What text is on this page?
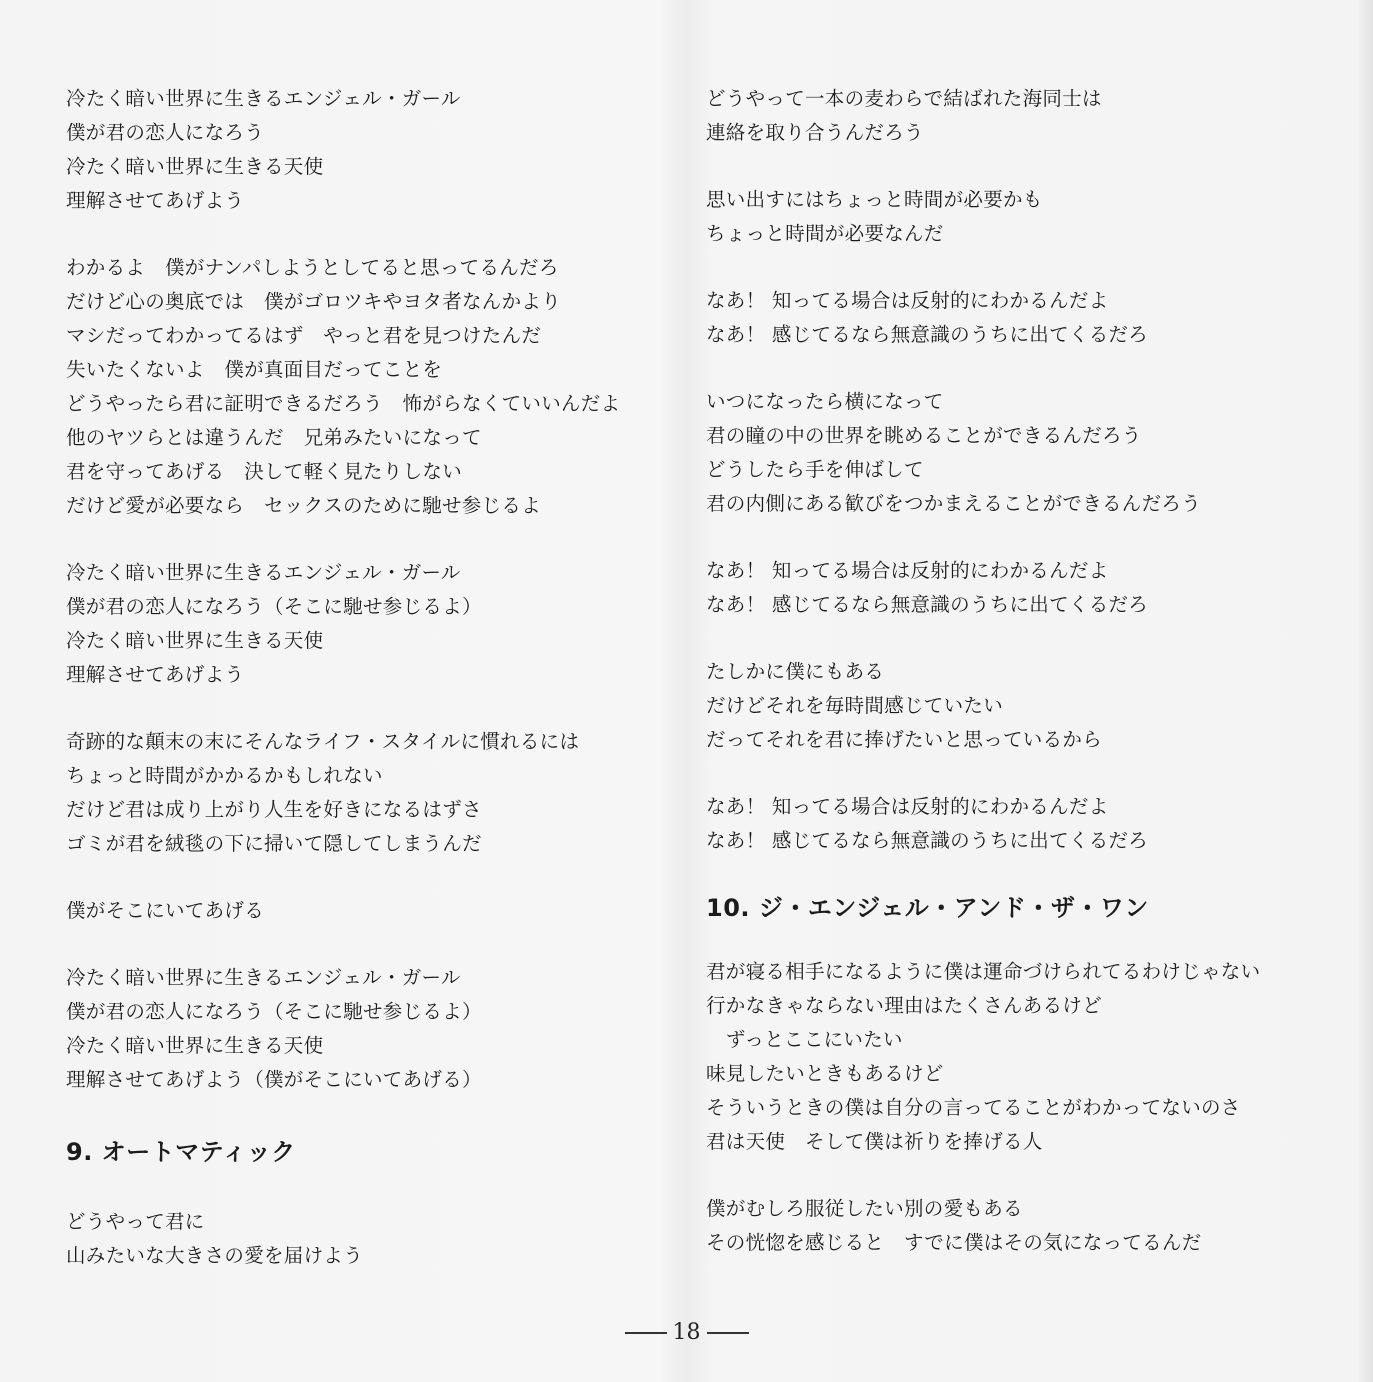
冷たく暗い世界に生きるエンジェル・ガール
僕が君の恋人になろう
冷たく暗い世界に生きる天使
理解させてあげよう
わかるよ　僕がナンパしようとしてると思ってるんだろ
だけど心の奥底では　僕がゴロツキやヨタ者なんかより
マシだってわかってるはず　やっと君を見つけたんだ
失いたくないよ　僕が真面目だってことを
どうやったら君に証明できるだろう　怖がらなくていいんだよ
他のヤツらとは違うんだ　兄弟みたいになって
君を守ってあげる　決して軽く見たりしない
だけど愛が必要なら　セックスのために馳せ参じるよ
冷たく暗い世界に生きるエンジェル・ガール
僕が君の恋人になろう（そこに馳せ参じるよ）
冷たく暗い世界に生きる天使
理解させてあげよう
奇跡的な顛末の末にそんなライフ・スタイルに慣れるには
ちょっと時間がかかるかもしれない
だけど君は成り上がり人生を好きになるはずさ
ゴミが君を絨毯の下に掃いて隠してしまうんだ
僕がそこにいてあげる
冷たく暗い世界に生きるエンジェル・ガール
僕が君の恋人になろう（そこに馳せ参じるよ）
冷たく暗い世界に生きる天使
理解させてあげよう（僕がそこにいてあげる）
9. オートマティック
どうやって君に
山みたいな大きさの愛を届けよう
どうやって一本の麦わらで結ばれた海同士は
連絡を取り合うんだろう
思い出すにはちょっと時間が必要かも
ちょっと時間が必要なんだ
なあ！ 知ってる場合は反射的にわかるんだよ
なあ！ 感じてるなら無意識のうちに出てくるだろ
いつになったら横になって
君の瞳の中の世界を眺めることができるんだろう
どうしたら手を伸ばして
君の内側にある歓びをつかまえることができるんだろう
なあ！ 知ってる場合は反射的にわかるんだよ
なあ！ 感じてるなら無意識のうちに出てくるだろ
たしかに僕にもある
だけどそれを毎時間感じていたい
だってそれを君に捧げたいと思っているから
なあ！ 知ってる場合は反射的にわかるんだよ
なあ！ 感じてるなら無意識のうちに出てくるだろ
10. ジ・エンジェル・アンド・ザ・ワン
君が寝る相手になるように僕は運命づけられてるわけじゃない
行かなきゃならない理由はたくさんあるけど
　ずっとここにいたい
味見したいときもあるけど
そういうときの僕は自分の言ってることがわかってないのさ
君は天使　そして僕は祈りを捧げる人
僕がむしろ服従したい別の愛もある
その恍惚を感じると　すでに僕はその気になってるんだ
18
